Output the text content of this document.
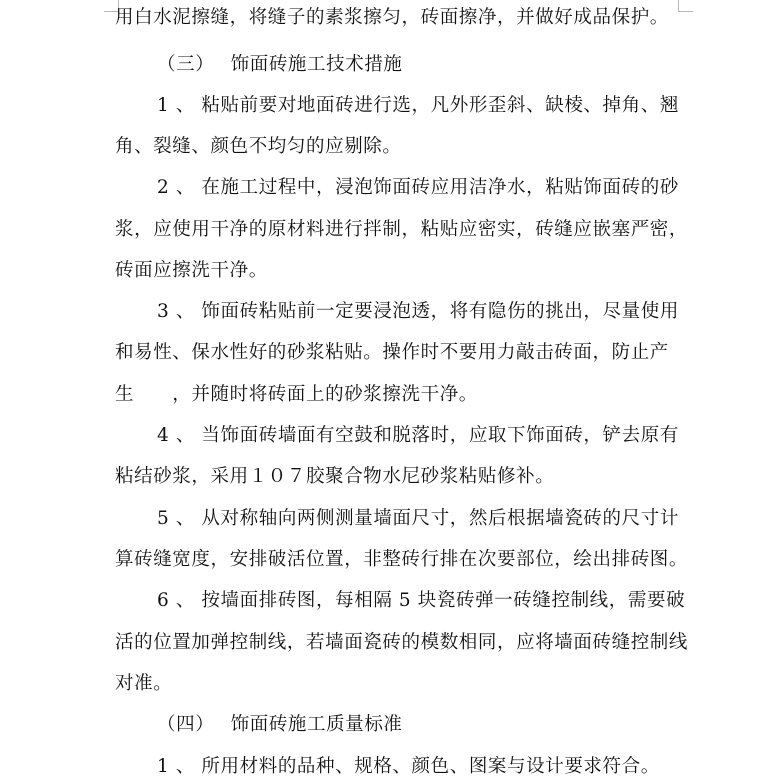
用白水泥擦缝，将缝子的素浆擦匀，砖面擦净，并做好成品保护。
（三）　 饰面砖施工技术措施
1 、 粘贴前要对地面砖进行选，凡外形歪斜、缺棱、掉角、翘
角、裂缝、颜色不均匀的应剔除。
2 、 在施工过程中，浸泡饰面砖应用洁净水，粘贴饰面砖的砂
浆，应使用干净的原材料进行拌制，粘贴应密实，砖缝应嵌塞严密，
砖面应擦洗干净。
3 、 饰面砖粘贴前一定要浸泡透，将有隐伤的挑出，尽量使用
和易性、保水性好的砂浆粘贴。操作时不要用力敲击砖面，防止产
生　　，并随时将砖面上的砂浆擦洗干净。
4 、 当饰面砖墙面有空鼓和脱落时，应取下饰面砖，铲去原有
粘结砂浆，采用１０７胶聚合物水尼砂浆粘贴修补。
5 、 从对称轴向两侧测量墙面尺寸，然后根据墙瓷砖的尺寸计
算砖缝宽度，安排破活位置，非整砖行排在次要部位，绘出排砖图。
6 、 按墙面排砖图，每相隔 5 块瓷砖弹一砖缝控制线，需要破
活的位置加弹控制线，若墙面瓷砖的模数相同，应将墙面砖缝控制线
对准。
（四）　 饰面砖施工质量标准
1 、 所用材料的品种、规格、颜色、图案与设计要求符合。
